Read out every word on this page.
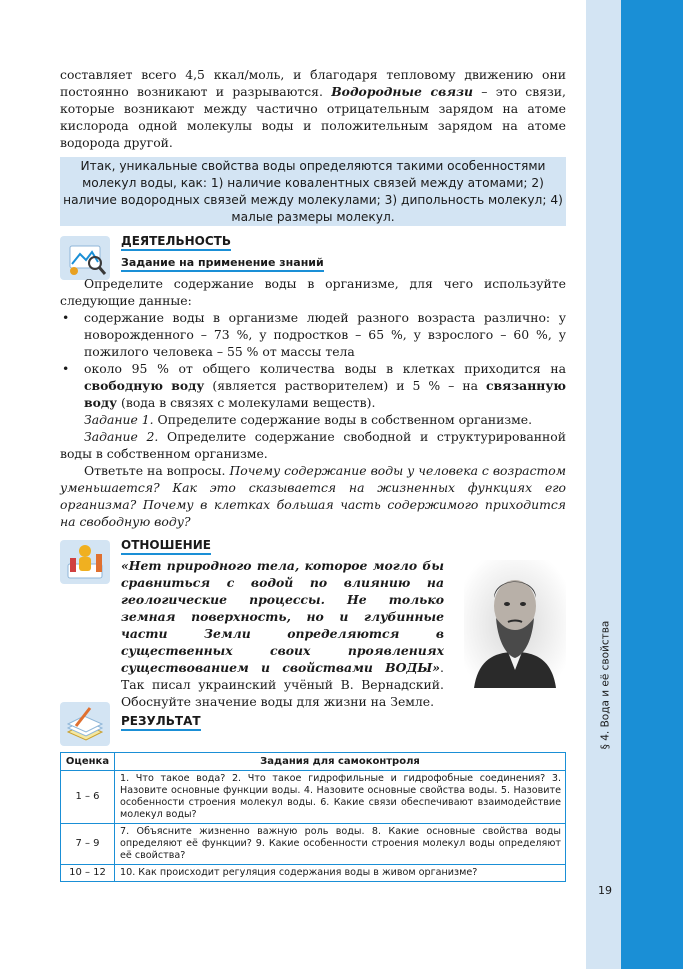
§ 4. Вода и её свойства
19

составляет всего 4,5 ккал/моль, и благодаря тепловому движению они постоянно возникают и разрываются. Водородные связи – это связи, которые возникают между частично отрицательным зарядом на атоме кислорода одной молекулы воды и положительным зарядом на атоме водорода другой.

Итак, уникальные свойства воды определяются такими особенностями молекул воды, как: 1) наличие ковалентных связей между атомами; 2) наличие водородных связей между молекулами; 3) дипольность молекул; 4) малые размеры молекул.
ДЕЯТЕЛЬНОСТЬ
Задание на применение знаний

Определите содержание воды в организме, для чего используйте следующие данные:

• содержание воды в организме людей разного возраста различно: у новорожденного – 73 %, у подростков – 65 %, у взрослого – 60 %, у пожилого человека – 55 % от массы тела
• около 95 % от общего количества воды в клетках приходится на свободную воду (является растворителем) и 5 % – на связанную воду (вода в связях с молекулами веществ).

Задание 1. Определите содержание воды в собственном организме.

Задание 2. Определите содержание свободной и структурированной воды в собственном организме.

Ответьте на вопросы. Почему содержание воды у человека с возрастом уменьшается? Как это сказывается на жизненных функциях его организма? Почему в клетках большая часть содержимого приходится на свободную воду?

ОТНОШЕНИЕ

«Нет природного тела, которое могло бы сравниться с водой по влиянию на геологические процессы. Не только земная поверхность, но и глубинные части Земли определяются в существенных своих проявлениях существованием и свойствами ВОДЫ». Так писал украинский учёный В. Вернадский. Обоснуйте значение воды для жизни на Земле.

РЕЗУЛЬТАТ
Оценка	Задания для самоконтроля
1 – 6	1. Что такое вода? 2. Что такое гидрофильные и гидрофобные соединения? 3. Назовите основные функции воды. 4. Назовите основные свойства воды. 5. Назовите особенности строения молекул воды. 6. Какие связи обеспечивают взаимодействие молекул воды?
7 – 9	7. Объясните жизненно важную роль воды. 8. Какие основные свойства воды определяют её функции? 9. Какие особенности строения молекул воды определяют её свойства?
10 – 12	10. Как происходит регуляция содержания воды в живом организме?
